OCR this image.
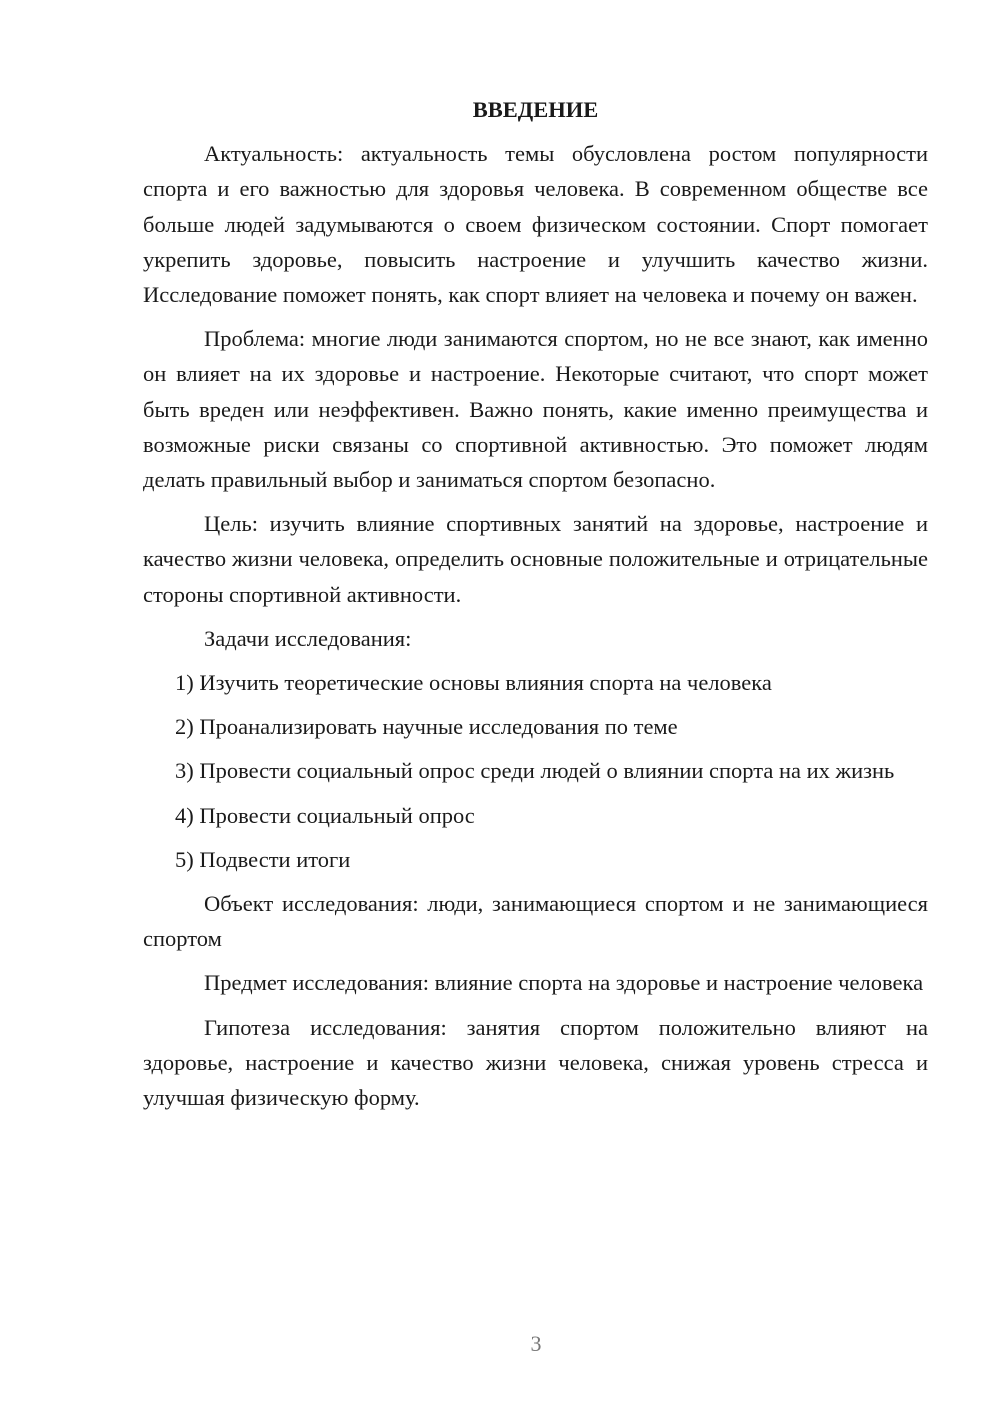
ВВЕДЕНИЕ

Актуальность: актуальность темы обусловлена ростом популярности спорта и его важностью для здоровья человека. В современном обществе все больше людей задумываются о своем физическом состоянии. Спорт помогает укрепить здоровье, повысить настроение и улучшить качество жизни. Исследование поможет понять, как спорт влияет на человека и почему он важен.

Проблема: многие люди занимаются спортом, но не все знают, как именно он влияет на их здоровье и настроение. Некоторые считают, что спорт может быть вреден или неэффективен. Важно понять, какие именно преимущества и возможные риски связаны со спортивной активностью. Это поможет людям делать правильный выбор и заниматься спортом безопасно.

Цель: изучить влияние спортивных занятий на здоровье, настроение и качество жизни человека, определить основные положительные и отрицательные стороны спортивной активности.

Задачи исследования:

1) Изучить теоретические основы влияния спорта на человека

2) Проанализировать научные исследования по теме

3) Провести социальный опрос среди людей о влиянии спорта на их жизнь

4) Провести социальный опрос

5) Подвести итоги

Объект исследования: люди, занимающиеся спортом и не занимающиеся спортом

Предмет исследования: влияние спорта на здоровье и настроение человека

Гипотеза исследования: занятия спортом положительно влияют на здоровье, настроение и качество жизни человека, снижая уровень стресса и улучшая физическую форму.

3
